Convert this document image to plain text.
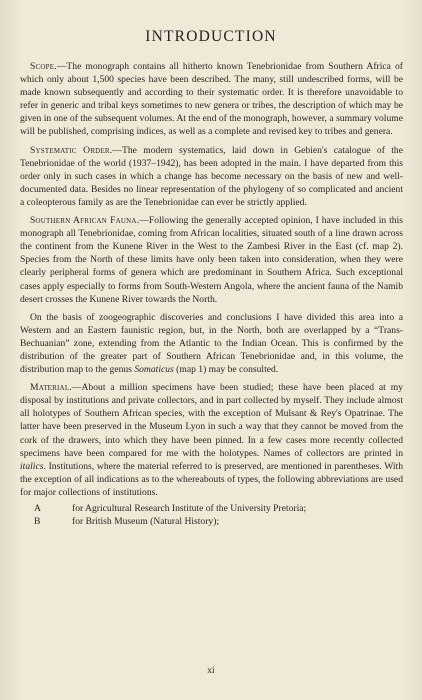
INTRODUCTION

Scope.—The monograph contains all hitherto known Tenebrionidae from Southern Africa of which only about 1,500 species have been described. The many, still undescribed forms, will be made known subsequently and according to their systematic order. It is therefore unavoidable to refer in generic and tribal keys sometimes to new genera or tribes, the description of which may be given in one of the subsequent volumes. At the end of the monograph, however, a summary volume will be published, comprising indices, as well as a complete and revised key to tribes and genera.

Systematic Order.—The modern systematics, laid down in Gebien's catalogue of the Tenebrionidae of the world (1937–1942), has been adopted in the main. I have departed from this order only in such cases in which a change has become necessary on the basis of new and well-documented data. Besides no linear representation of the phylogeny of so complicated and ancient a coleopterous family as are the Tenebrionidae can ever be strictly applied.

Southern African Fauna.—Following the generally accepted opinion, I have included in this monograph all Tenebrionidae, coming from African localities, situated south of a line drawn across the continent from the Kunene River in the West to the Zambesi River in the East (cf. map 2). Species from the North of these limits have only been taken into consideration, when they were clearly peripheral forms of genera which are predominant in Southern Africa. Such exceptional cases apply especially to forms from South-Western Angola, where the ancient fauna of the Namib desert crosses the Kunene River towards the North.

On the basis of zoogeographic discoveries and conclusions I have divided this area into a Western and an Eastern faunistic region, but, in the North, both are overlapped by a “Trans-Bechuanian” zone, extending from the Atlantic to the Indian Ocean. This is confirmed by the distribution of the greater part of Southern African Tenebrionidae and, in this volume, the distribution map to the genus Somaticus (map 1) may be consulted.

Material.—About a million specimens have been studied; these have been placed at my disposal by institutions and private collectors, and in part collected by myself. They include almost all holotypes of Southern African species, with the exception of Mulsant & Rey's Opatrinae. The latter have been preserved in the Museum Lyon in such a way that they cannot be moved from the cork of the drawers, into which they have been pinned. In a few cases more recently collected specimens have been compared for me with the holotypes. Names of collectors are printed in italics. Institutions, where the material referred to is preserved, are mentioned in parentheses. With the exception of all indications as to the whereabouts of types, the following abbreviations are used for major collections of institutions.

A	for Agricultural Research Institute of the University Pretoria;
B	for British Museum (Natural History);
xi
